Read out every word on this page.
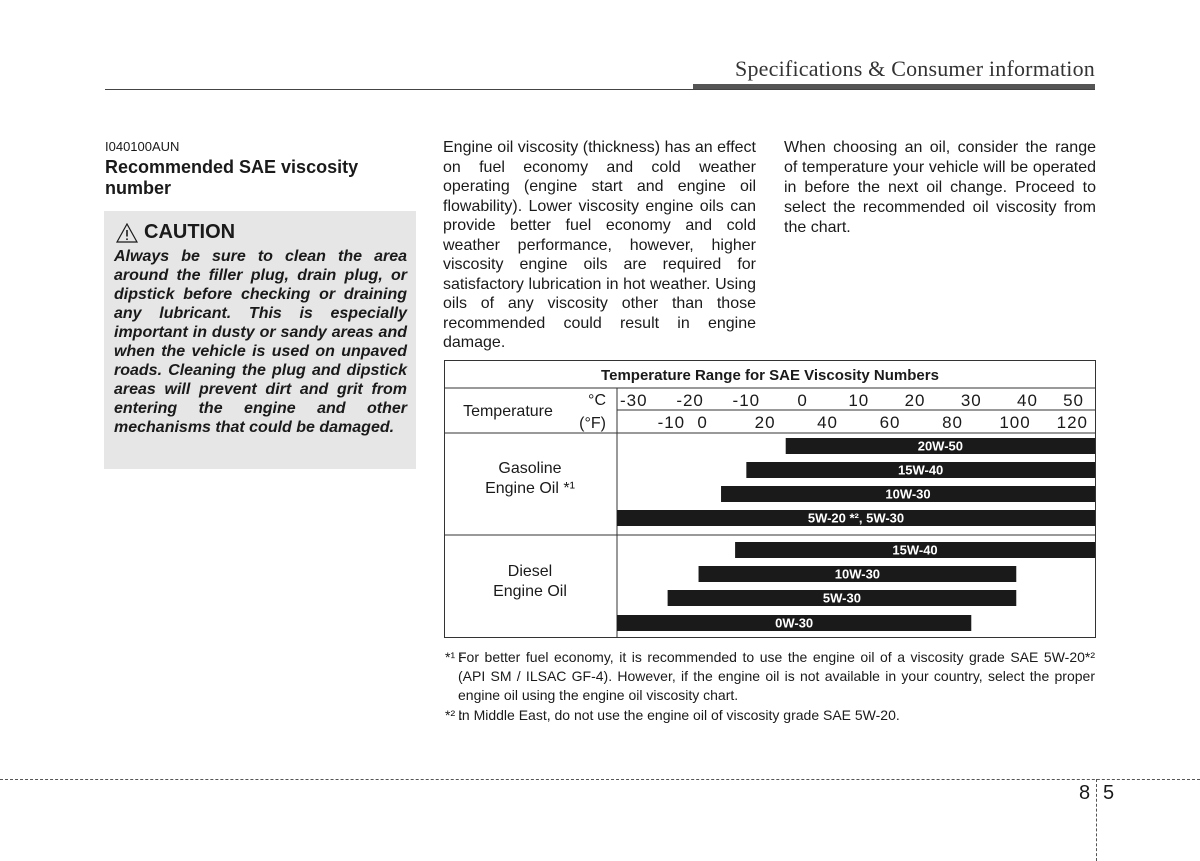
Specifications & Consumer information
I040100AUN
Recommended SAE viscosity number
CAUTION
Always be sure to clean the area around the filler plug, drain plug, or dipstick before checking or draining any lubricant. This is especially important in dusty or sandy areas and when the vehicle is used on unpaved roads. Cleaning the plug and dipstick areas will prevent dirt and grit from entering the engine and other mechanisms that could be damaged.
Engine oil viscosity (thickness) has an effect on fuel economy and cold weather operating (engine start and engine oil flowability). Lower viscosity engine oils can provide better fuel economy and cold weather performance, however, higher viscosity engine oils are required for satisfactory lubrication in hot weather. Using oils of any viscosity other than those recommended could result in engine damage.
When choosing an oil, consider the range of temperature your vehicle will be operated in before the next oil change. Proceed to select the recommended oil viscosity from the chart.
Temperature Range for SAE Viscosity Numbers
Temperature
°C
(°F)
-30 -20 -10 0 10 20 30 40 50
-10 0	20 40 60 80 100 120
Gasoline
Engine Oil *¹
Diesel
Engine Oil
20W-50
15W-40
10W-30
5W-20 *², 5W-30
15W-40
10W-30
5W-30
0W-30
*¹ :
For better fuel economy, it is recommended to use the engine oil of a viscosity grade SAE 5W-20*² (API SM / ILSAC GF-4). However, if the engine oil is not available in your country, select the proper engine oil using the engine oil viscosity chart.
*² :
In Middle East, do not use the engine oil of viscosity grade SAE 5W-20.
8 5
